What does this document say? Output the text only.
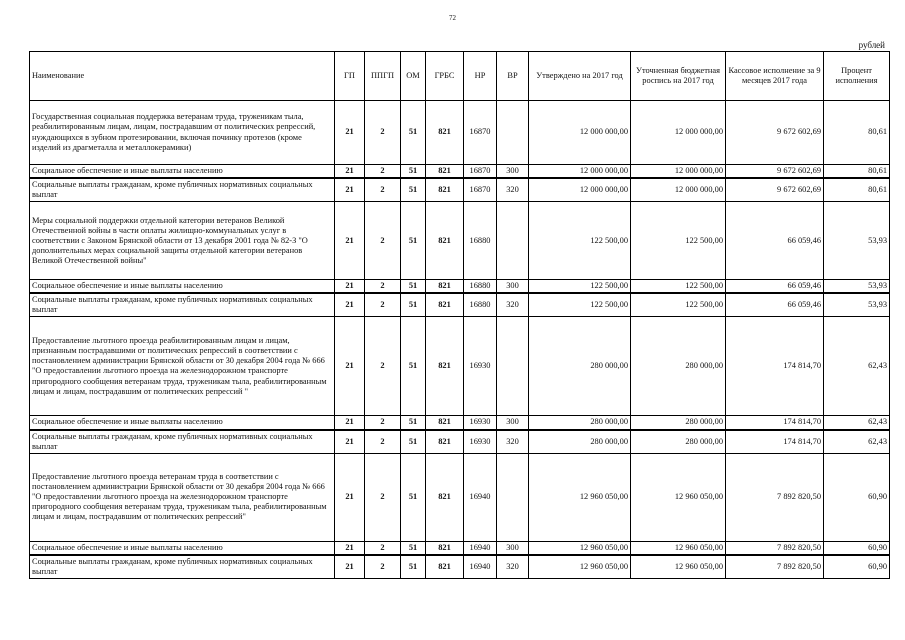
72
рублей
Наименование	ГП	ППГП	ОМ	ГРБС	НР	ВР	Утверждено на 2017 год	Уточненная бюджетная роспись на 2017 год	Кассовое исполнение за 9 месяцев 2017 года	Процент исполнения
Государственная социальная поддержка ветеранам труда, труженикам тыла, реабилитированным лицам, лицам, пострадавшим от политических репрессий, нуждающихся в зубном протезировании, включая починку протезов (кроме изделий из драгметалла и металлокерамики)	21	2	51	821	16870		12 000 000,00	12 000 000,00	9 672 602,69	80,61
Социальное обеспечение и иные выплаты населению	21	2	51	821	16870	300	12 000 000,00	12 000 000,00	9 672 602,69	80,61
Социальные выплаты гражданам, кроме публичных нормативных социальных выплат	21	2	51	821	16870	320	12 000 000,00	12 000 000,00	9 672 602,69	80,61
Меры социальной поддержки отдельной категории ветеранов Великой Отечественной войны в части оплаты жилищно-коммунальных услуг в соответствии с Законом Брянской области от 13 декабря 2001 года № 82-З "О дополнительных мерах социальной защиты отдельной категории ветеранов Великой Отечественной войны"	21	2	51	821	16880		122 500,00	122 500,00	66 059,46	53,93
Социальное обеспечение и иные выплаты населению	21	2	51	821	16880	300	122 500,00	122 500,00	66 059,46	53,93
Социальные выплаты гражданам, кроме публичных нормативных социальных выплат	21	2	51	821	16880	320	122 500,00	122 500,00	66 059,46	53,93
Предоставление льготного проезда реабилитированным лицам и лицам, признанным пострадавшими от политических репрессий в соответствии с постановлением администрации Брянской области от 30 декабря 2004 года № 666 "О предоставлении льготного проезда на железнодорожном транспорте пригородного сообщения ветеранам труда, труженикам тыла, реабилитированным лицам и лицам, пострадавшим от политических репрессий "	21	2	51	821	16930		280 000,00	280 000,00	174 814,70	62,43
Социальное обеспечение и иные выплаты населению	21	2	51	821	16930	300	280 000,00	280 000,00	174 814,70	62,43
Социальные выплаты гражданам, кроме публичных нормативных социальных выплат	21	2	51	821	16930	320	280 000,00	280 000,00	174 814,70	62,43
Предоставление льготного проезда ветеранам труда в соответствии с постановлением администрации Брянской области от 30 декабря 2004 года № 666 "О предоставлении льготного проезда на железнодорожном транспорте пригородного сообщения ветеранам труда, труженикам тыла, реабилитированным лицам и лицам, пострадавшим от политических репрессий"	21	2	51	821	16940		12 960 050,00	12 960 050,00	7 892 820,50	60,90
Социальное обеспечение и иные выплаты населению	21	2	51	821	16940	300	12 960 050,00	12 960 050,00	7 892 820,50	60,90
Социальные выплаты гражданам, кроме публичных нормативных социальных выплат	21	2	51	821	16940	320	12 960 050,00	12 960 050,00	7 892 820,50	60,90
